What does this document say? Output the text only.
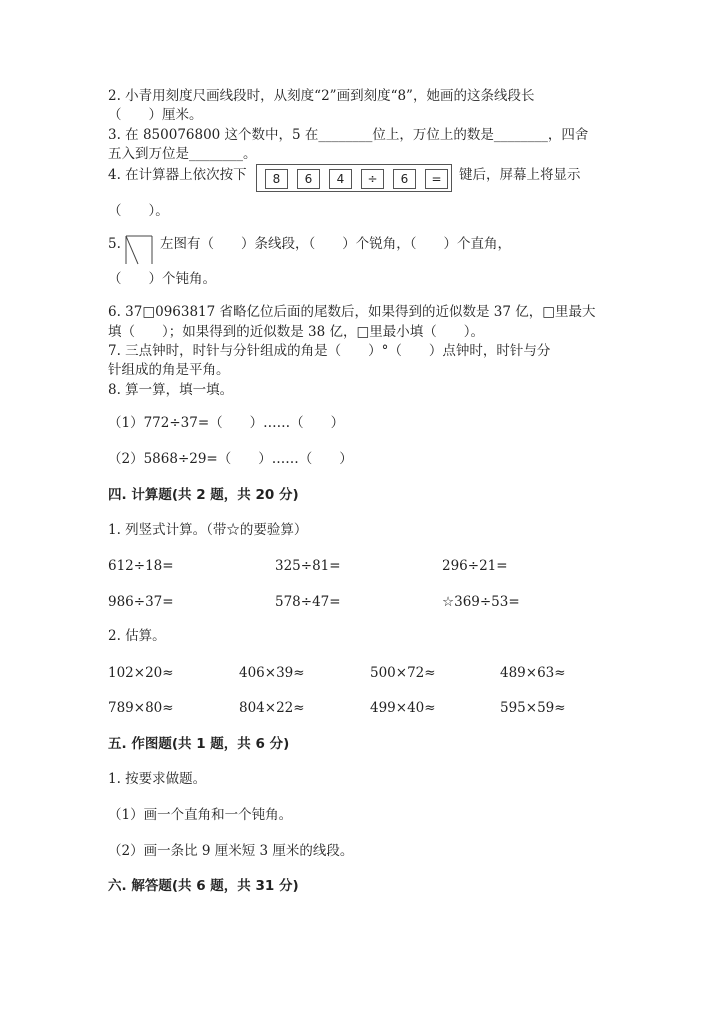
2. 小青用刻度尺画线段时，从刻度“2”画到刻度“8”，她画的这条线段长
（　　）厘米。
3. 在 850076800 这个数中，5 在________位上，万位上的数是________，四舍
五入到万位是________。
4. 在计算器上依次按下	8	6	4	÷	6	=	键后，屏幕上将显示
（　　）。
5.	左图有（　　）条线段，（　　）个锐角，（　　）个直角，
（　　）个钝角。
6. 37□0963817 省略亿位后面的尾数后，如果得到的近似数是 37 亿，□里最大
填（　　）；如果得到的近似数是 38 亿，□里最小填（　　）。
7. 三点钟时，时针与分针组成的角是（　　）°（　　）点钟时，时针与分
针组成的角是平角。
8. 算一算，填一填。
（1）772÷37=（　　）……（　　）
（2）5868÷29=（　　）……（　　）
四. 计算题(共 2 题，共 20 分)
1. 列竖式计算。（带☆的要验算）
612÷18=	325÷81=	296÷21=
986÷37=	578÷47=	☆369÷53=
2. 估算。
102×20≈	406×39≈	500×72≈	489×63≈
789×80≈	804×22≈	499×40≈	595×59≈
五. 作图题(共 1 题，共 6 分)
1. 按要求做题。
（1）画一个直角和一个钝角。
（2）画一条比 9 厘米短 3 厘米的线段。
六. 解答题(共 6 题，共 31 分)
